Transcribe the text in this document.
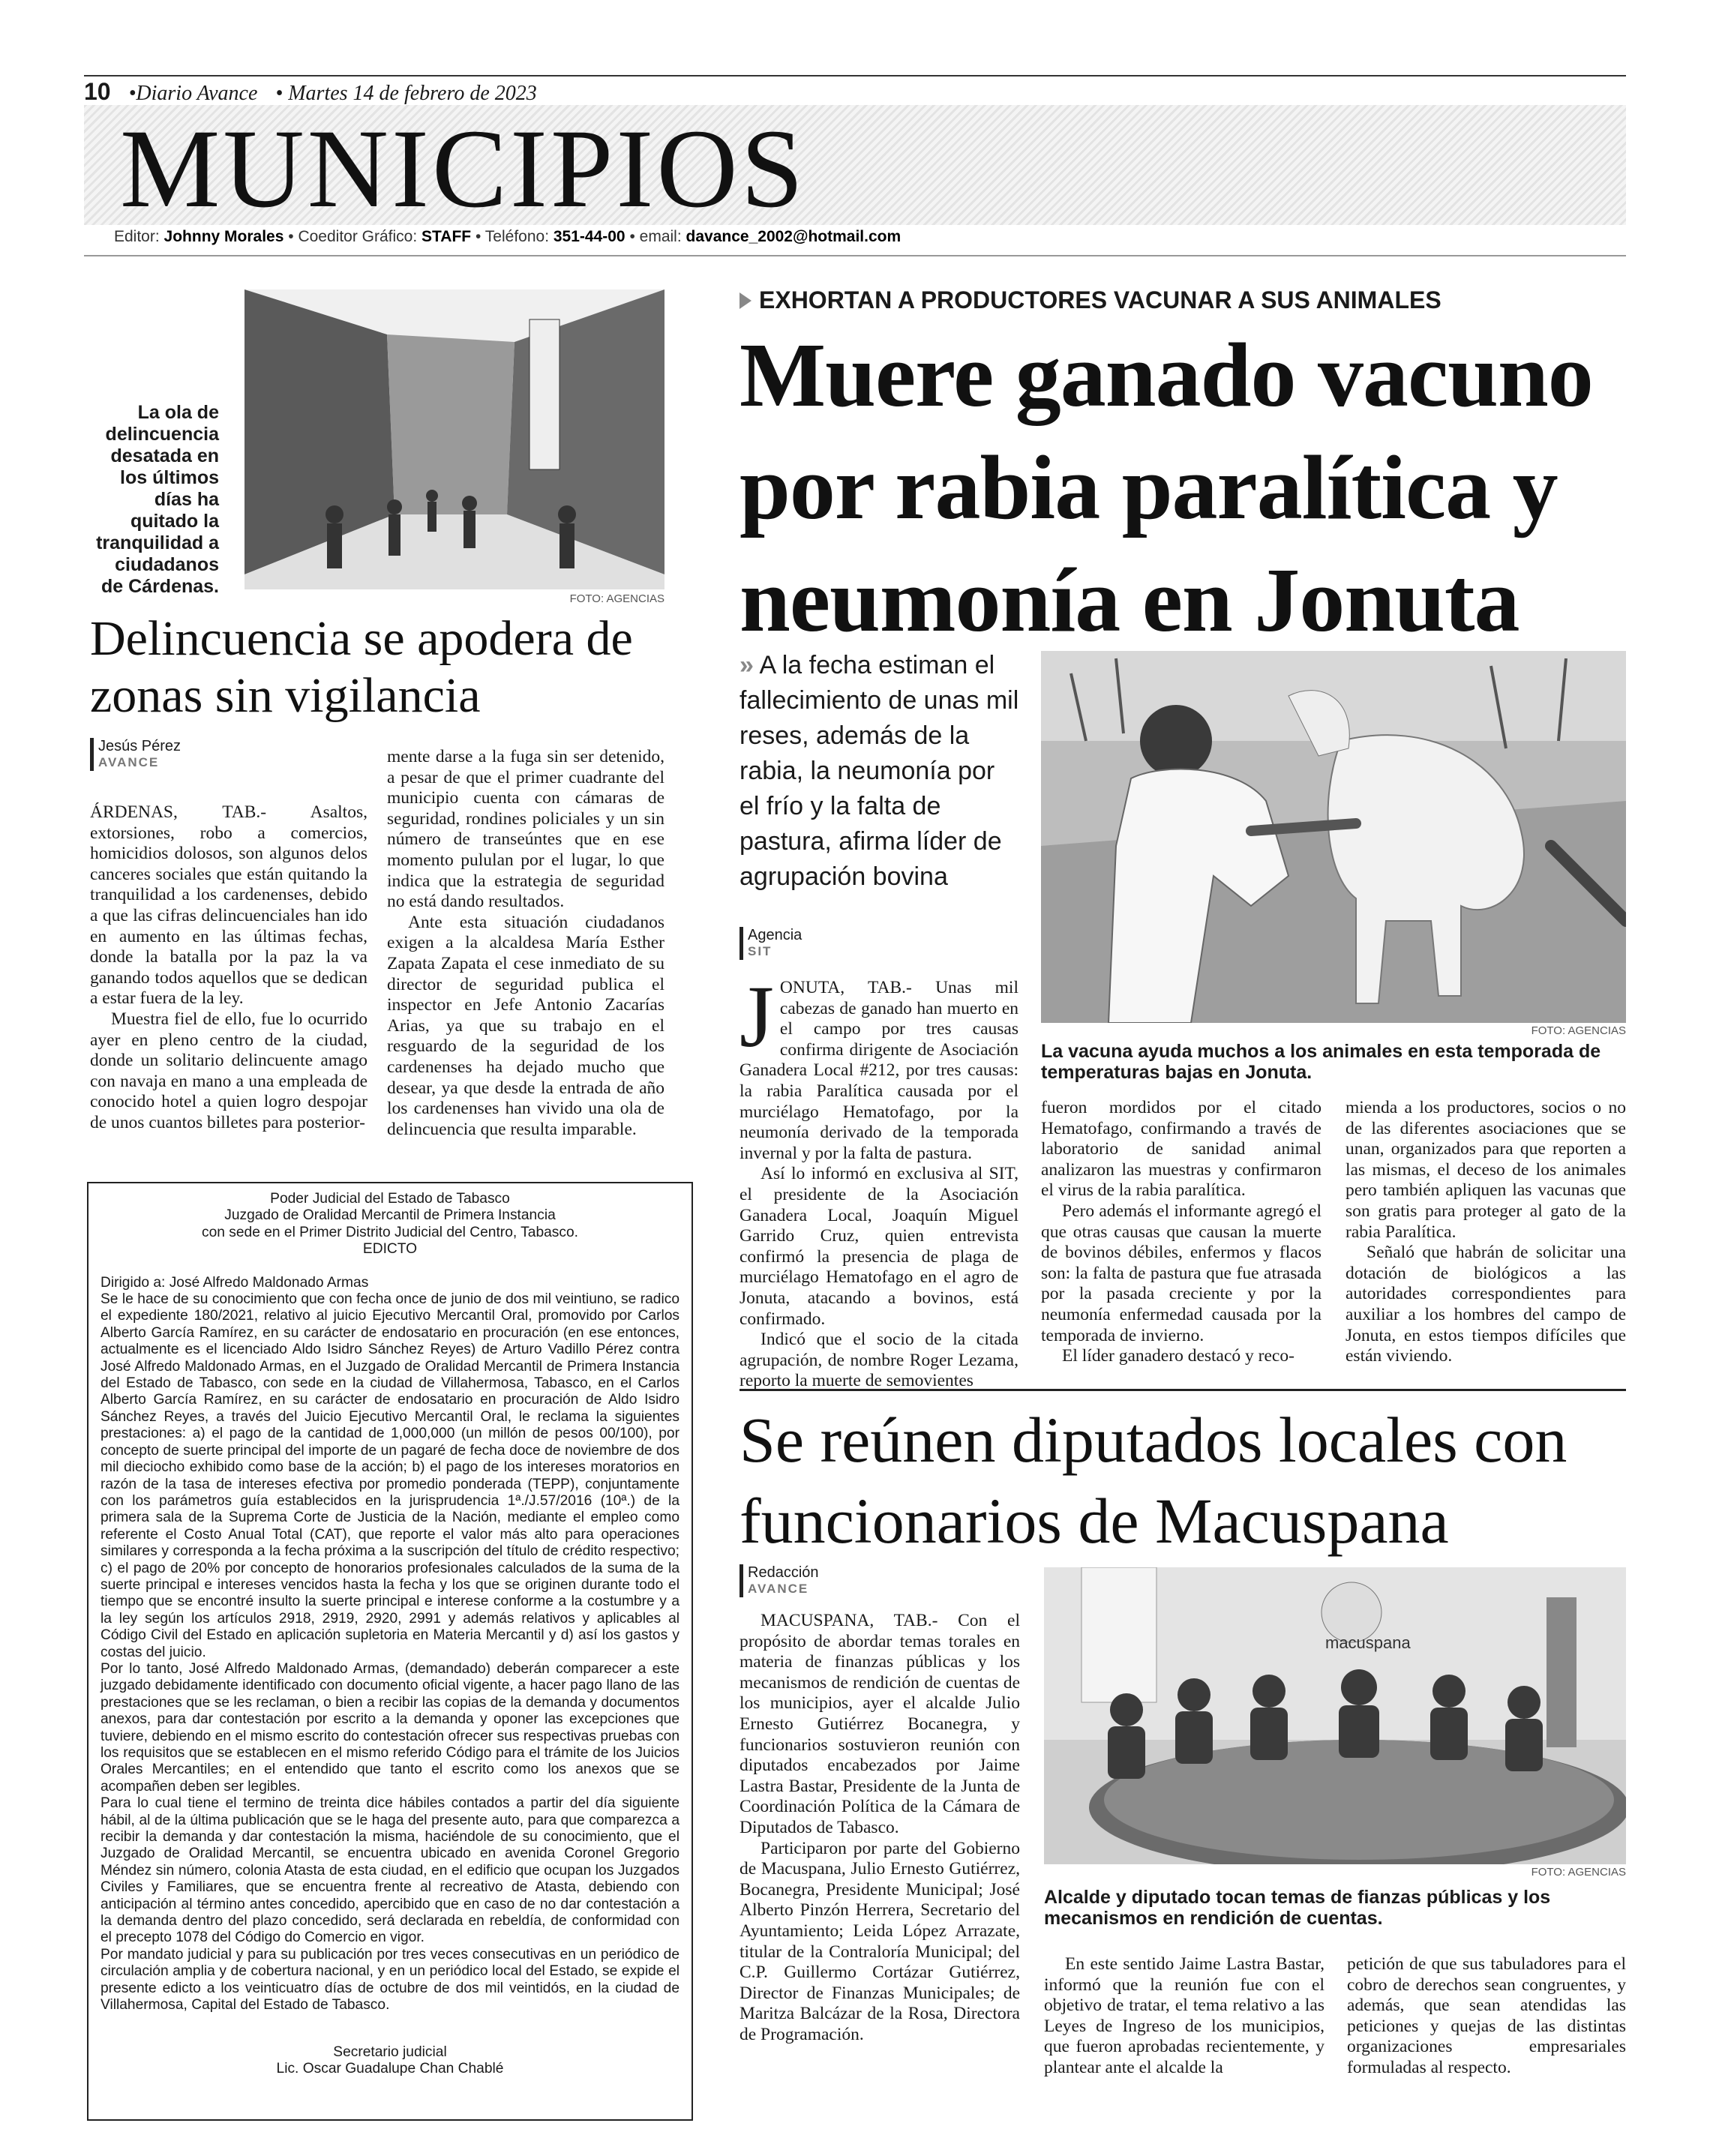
10 •Diario Avance • Martes 14 de febrero de 2023
MUNICIPIOS
Editor: Johnny Morales • Coeditor Gráfico: STAFF • Teléfono: 351-44-00 • email: davance_2002@hotmail.com
La ola de delincuencia desatada en los últimos días ha quitado la tranquilidad a ciudadanos de Cárdenas.
FOTO: AGENCIAS
Delincuencia se apodera de zonas sin vigilancia
Jesús Pérez
AVANCE

ÁRDENAS, TAB.- Asaltos, extorsiones, robo a comercios, homicidios dolosos, son algunos delos canceres sociales que están quitando la tranquilidad a los cardenenses, debido a que las cifras delincuenciales han ido en aumento en las últimas fechas, donde la batalla por la paz la va ganando todos aquellos que se dedican a estar fuera de la ley.

Muestra fiel de ello, fue lo ocurrido ayer en pleno centro de la ciudad, donde un solitario delincuente amago con navaja en mano a una empleada de conocido hotel a quien logro despojar de unos cuantos billetes para posterior-

mente darse a la fuga sin ser detenido, a pesar de que el primer cuadrante del municipio cuenta con cámaras de seguridad, rondines policiales y un sin número de transeúntes que en ese momento pululan por el lugar, lo que indica que la estrategia de seguridad no está dando resultados.

Ante esta situación ciudadanos exigen a la alcaldesa María Esther Zapata Zapata el cese inmediato de su director de seguridad publica el inspector en Jefe Antonio Zacarías Arias, ya que su trabajo en el resguardo de la seguridad de los cardenenses ha dejado mucho que desear, ya que desde la entrada de año los cardenenses han vivido una ola de delincuencia que resulta imparable.

Poder Judicial del Estado de Tabasco
Juzgado de Oralidad Mercantil de Primera Instancia
con sede en el Primer Distrito Judicial del Centro, Tabasco.
EDICTO
Dirigido a: José Alfredo Maldonado Armas
Se le hace de su conocimiento que con fecha once de junio de dos mil veintiuno, se radico el expediente 180/2021, relativo al juicio Ejecutivo Mercantil Oral, promovido por Carlos Alberto García Ramírez, en su carácter de endosatario en procuración (en ese entonces, actualmente es el licenciado Aldo Isidro Sánchez Reyes) de Arturo Vadillo Pérez contra José Alfredo Maldonado Armas, en el Juzgado de Oralidad Mercantil de Primera Instancia del Estado de Tabasco, con sede en la ciudad de Villahermosa, Tabasco, en el Carlos Alberto García Ramírez, en su carácter de endosatario en procuración de Aldo Isidro Sánchez Reyes, a través del Juicio Ejecutivo Mercantil Oral, le reclama la siguientes prestaciones: a) el pago de la cantidad de 1,000,000 (un millón de pesos 00/100), por concepto de suerte principal del importe de un pagaré de fecha doce de noviembre de dos mil dieciocho exhibido como base de la acción; b) el pago de los intereses moratorios en razón de la tasa de intereses efectiva por promedio ponderada (TEPP), conjuntamente con los parámetros guía establecidos en la jurisprudencia 1ª./J.57/2016 (10ª.) de la primera sala de la Suprema Corte de Justicia de la Nación, mediante el empleo como referente el Costo Anual Total (CAT), que reporte el valor más alto para operaciones similares y corresponda a la fecha próxima a la suscripción del título de crédito respectivo; c) el pago de 20% por concepto de honorarios profesionales calculados de la suma de la suerte principal e intereses vencidos hasta la fecha y los que se originen durante todo el tiempo que se encontré insulto la suerte principal e interese conforme a la costumbre y a la ley según los artículos 2918, 2919, 2920, 2991 y además relativos y aplicables al Código Civil del Estado en aplicación supletoria en Materia Mercantil y d) así los gastos y costas del juicio.
Por lo tanto, José Alfredo Maldonado Armas, (demandado) deberán comparecer a este juzgado debidamente identificado con documento oficial vigente, a hacer pago llano de las prestaciones que se les reclaman, o bien a recibir las copias de la demanda y documentos anexos, para dar contestación por escrito a la demanda y oponer las excepciones que tuviere, debiendo en el mismo escrito do contestación ofrecer sus respectivas pruebas con los requisitos que se establecen en el mismo referido Código para el trámite de los Juicios Orales Mercantiles; en el entendido que tanto el escrito como los anexos que se acompañen deben ser legibles.
Para lo cual tiene el termino de treinta dice hábiles contados a partir del día siguiente hábil, al de la última publicación que se le haga del presente auto, para que comparezca a recibir la demanda y dar contestación la misma, haciéndole de su conocimiento, que el Juzgado de Oralidad Mercantil, se encuentra ubicado en avenida Coronel Gregorio Méndez sin número, colonia Atasta de esta ciudad, en el edificio que ocupan los Juzgados Civiles y Familiares, que se encuentra frente al recreativo de Atasta, debiendo con anticipación al término antes concedido, apercibido que en caso de no dar contestación a la demanda dentro del plazo concedido, será declarada en rebeldía, de conformidad con el precepto 1078 del Código do Comercio en vigor.
Por mandato judicial y para su publicación por tres veces consecutivas en un periódico de circulación amplia y de cobertura nacional, y en un periódico local del Estado, se expide el presente edicto a los veinticuatro días de octubre de dos mil veintidós, en la ciudad de Villahermosa, Capital del Estado de Tabasco.
Secretario judicial
Lic. Oscar Guadalupe Chan Chablé
EXHORTAN A PRODUCTORES VACUNAR A SUS ANIMALES
Muere ganado vacuno por rabia paralítica y neumonía en Jonuta
» A la fecha estiman el fallecimiento de unas mil reses, además de la rabia, la neumonía por el frío y la falta de pastura, afirma líder de agrupación bovina
Agencia
SIT
FOTO: AGENCIAS
La vacuna ayuda muchos a los animales en esta temporada de temperaturas bajas en Jonuta.
J ONUTA, TAB.- Unas mil cabezas de ganado han muerto en el campo por tres causas confirma dirigente de Asociación Ganadera Local #212, por tres causas: la rabia Paralítica causada por el murciélago Hematofago, por la neumonía derivado de la temporada invernal y por la falta de pastura.

Así lo informó en exclusiva al SIT, el presidente de la Asociación Ganadera Local, Joaquín Miguel Garrido Cruz, quien entrevista confirmó la presencia de plaga de murciélago Hematofago en el agro de Jonuta, atacando a bovinos, está confirmado.

Indicó que el socio de la citada agrupación, de nombre Roger Lezama, reporto la muerte de semovientes

fueron mordidos por el citado Hematofago, confirmando a través de laboratorio de sanidad animal analizaron las muestras y confirmaron el virus de la rabia paralítica.

Pero además el informante agregó el que otras causas que causan la muerte de bovinos débiles, enfermos y flacos son: la falta de pastura que fue atrasada por la pasada creciente y por la neumonía enfermedad causada por la temporada de invierno.

El líder ganadero destacó y reco-

mienda a los productores, socios o no de las diferentes asociaciones que se unan, organizados para que reporten a las mismas, el deceso de los animales pero también apliquen las vacunas que son gratis para proteger al gato de la rabia Paralítica.

Señaló que habrán de solicitar una dotación de biológicos a las autoridades correspondientes para auxiliar a los hombres del campo de Jonuta, en estos tiempos difíciles que están viviendo.

Se reúnen diputados locales con funcionarios de Macuspana
Redacción
AVANCE

MACUSPANA, TAB.- Con el propósito de abordar temas torales en materia de finanzas públicas y los mecanismos de rendición de cuentas de los municipios, ayer el alcalde Julio Ernesto Gutiérrez Bocanegra, y funcionarios sostuvieron reunión con diputados encabezados por Jaime Lastra Bastar, Presidente de la Junta de Coordinación Política de la Cámara de Diputados de Tabasco.

Participaron por parte del Gobierno de Macuspana, Julio Ernesto Gutiérrez, Bocanegra, Presidente Municipal; José Alberto Pinzón Herrera, Secretario del Ayuntamiento; Leida López Arrazate, titular de la Contraloría Municipal; del C.P. Guillermo Cortázar Gutiérrez, Director de Finanzas Municipales; de Maritza Balcázar de la Rosa, Directora de Programación.

macuspana
FOTO: AGENCIAS
Alcalde y diputado tocan temas de fianzas públicas y los mecanismos en rendición de cuentas.

En este sentido Jaime Lastra Bastar, informó que la reunión fue con el objetivo de tratar, el tema relativo a las Leyes de Ingreso de los municipios, que fueron aprobadas recientemente, y plantear ante el alcalde la

petición de que sus tabuladores para el cobro de derechos sean congruentes, y además, que sean atendidas las peticiones y quejas de las distintas organizaciones empresariales formuladas al respecto.
